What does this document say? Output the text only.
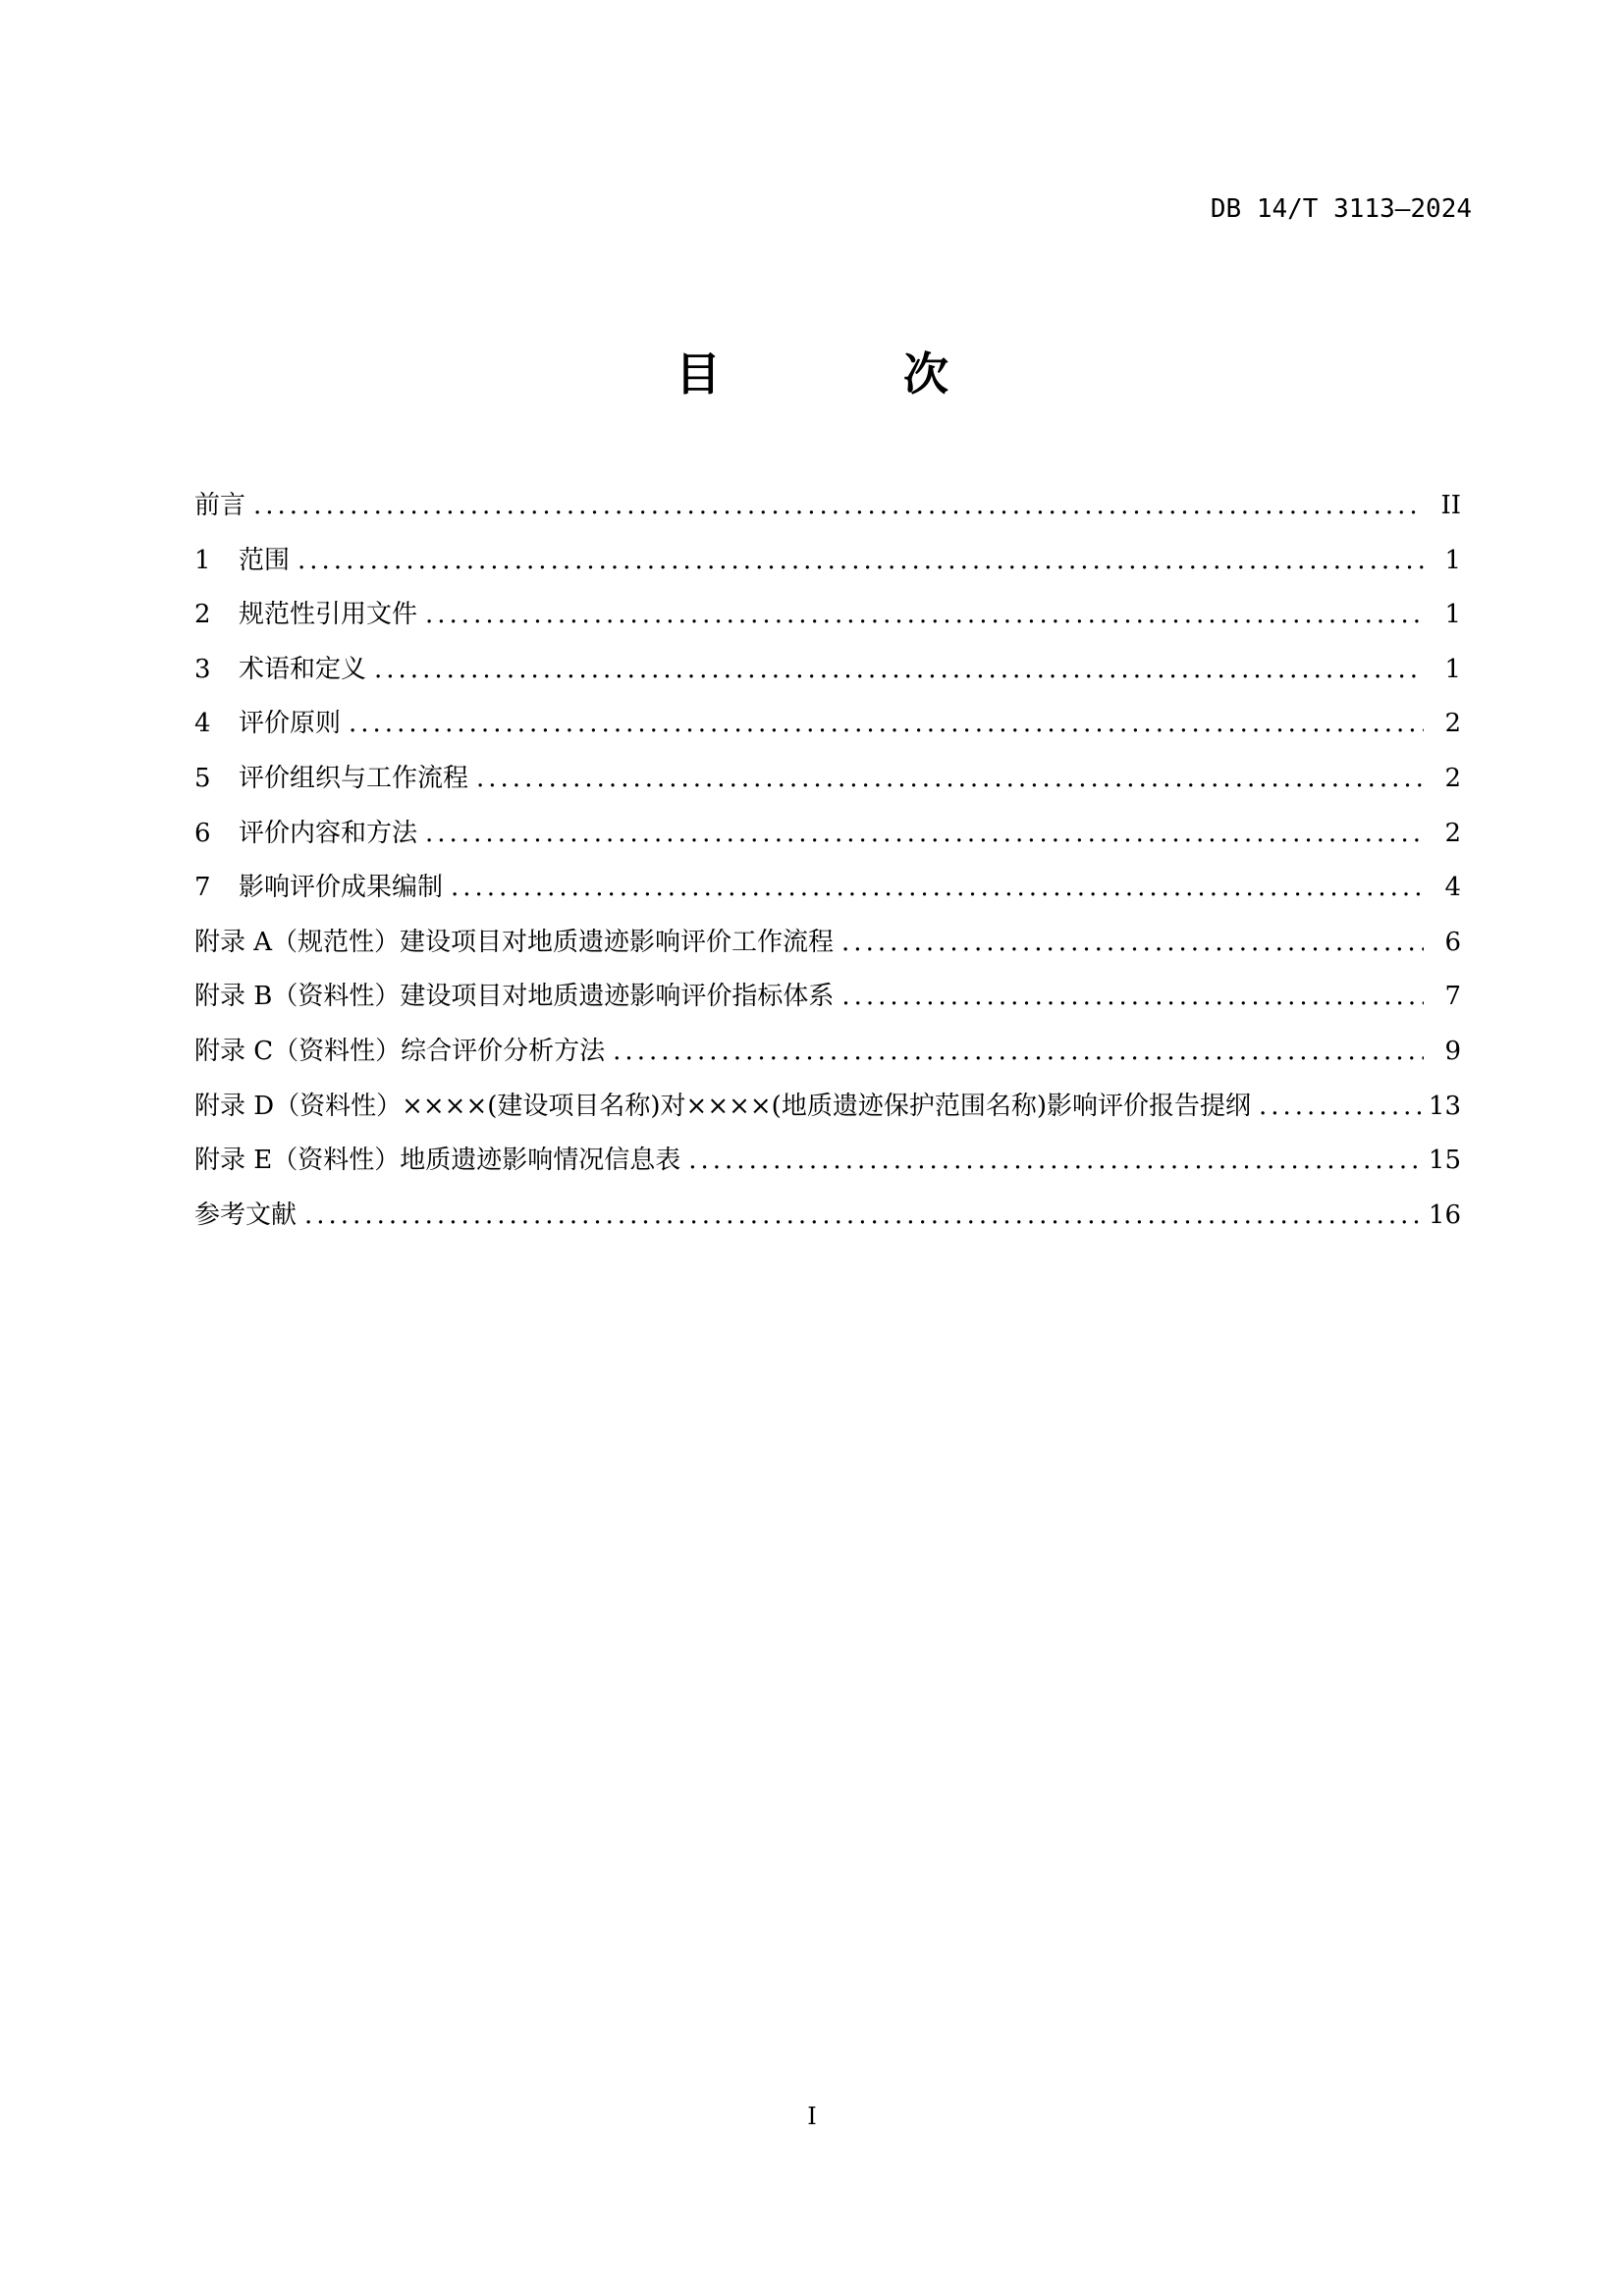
DB 14/T 3113—2024
目　次
前言 .....	II
1	范围 .....	1
2	规范性引用文件 .....	1
3	术语和定义 .....	1
4	评价原则 .....	2
5	评价组织与工作流程 .....	2
6	评价内容和方法 .....	2
7	影响评价成果编制 .....	4
附录 A（规范性）建设项目对地质遗迹影响评价工作流程 .....	6
附录 B（资料性）建设项目对地质遗迹影响评价指标体系 .....	7
附录 C（资料性）综合评价分析方法 .....	9
附录 D（资料性）××××(建设项目名称)对××××(地质遗迹保护范围名称)影响评价报告提纲 .....	13
附录 E（资料性）地质遗迹影响情况信息表 .....	15
参考文献 .....	16
I
